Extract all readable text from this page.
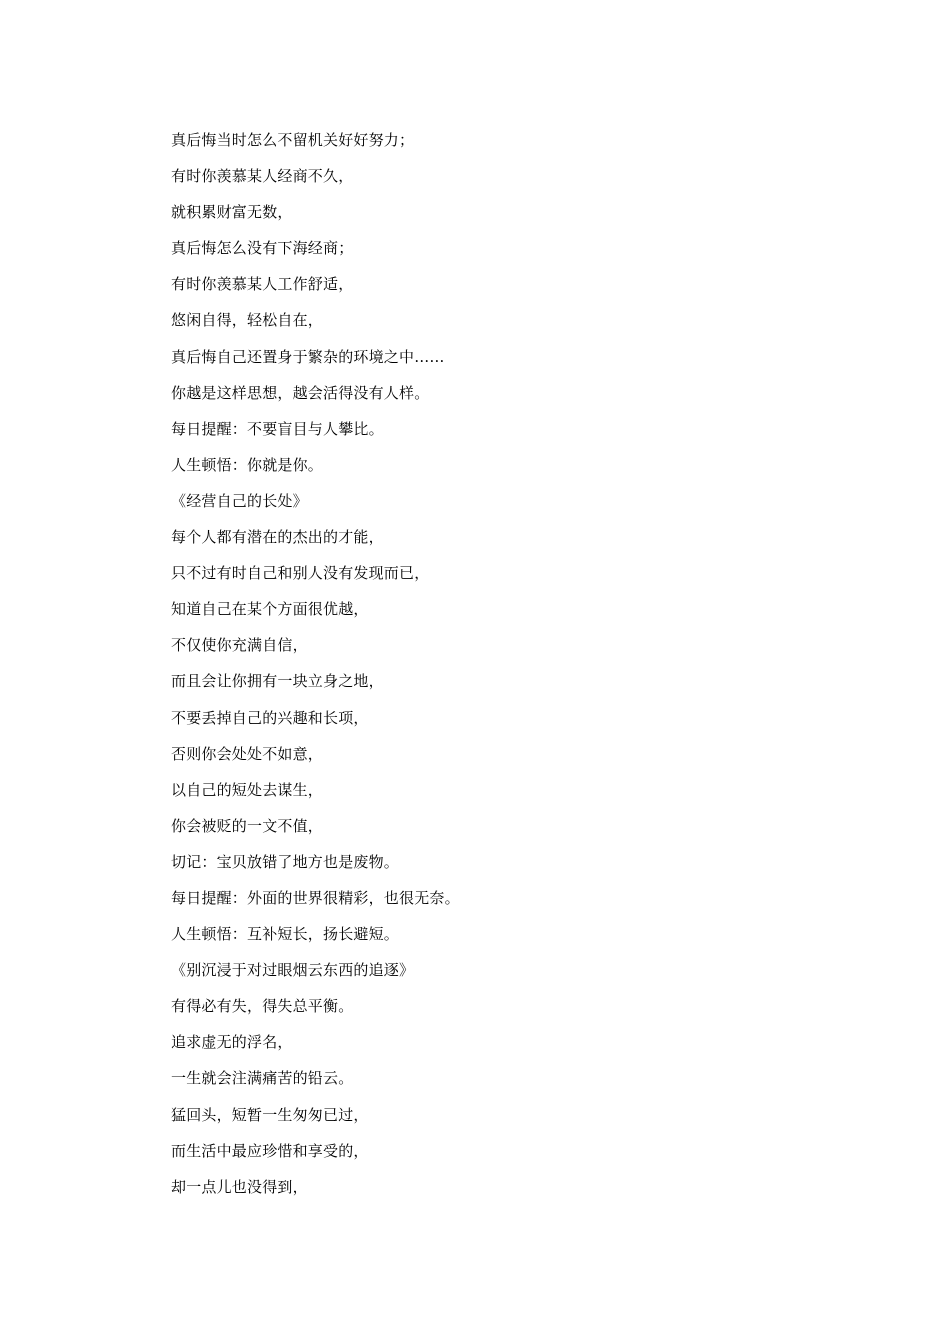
真后悔当时怎么不留机关好好努力；
有时你羡慕某人经商不久，
就积累财富无数，
真后悔怎么没有下海经商；
有时你羡慕某人工作舒适，
悠闲自得，轻松自在，
真后悔自己还置身于繁杂的环境之中……
你越是这样思想，越会活得没有人样。
每日提醒：不要盲目与人攀比。
人生顿悟：你就是你。
《经营自己的长处》
每个人都有潜在的杰出的才能，
只不过有时自己和别人没有发现而已，
知道自己在某个方面很优越，
不仅使你充满自信，
而且会让你拥有一块立身之地，
不要丢掉自己的兴趣和长项，
否则你会处处不如意，
以自己的短处去谋生，
你会被贬的一文不值，
切记：宝贝放错了地方也是废物。
每日提醒：外面的世界很精彩，也很无奈。
人生顿悟：互补短长，扬长避短。
《别沉浸于对过眼烟云东西的追逐》
有得必有失，得失总平衡。
追求虚无的浮名，
一生就会注满痛苦的铅云。
猛回头，短暂一生匆匆已过，
而生活中最应珍惜和享受的，
却一点儿也没得到，
